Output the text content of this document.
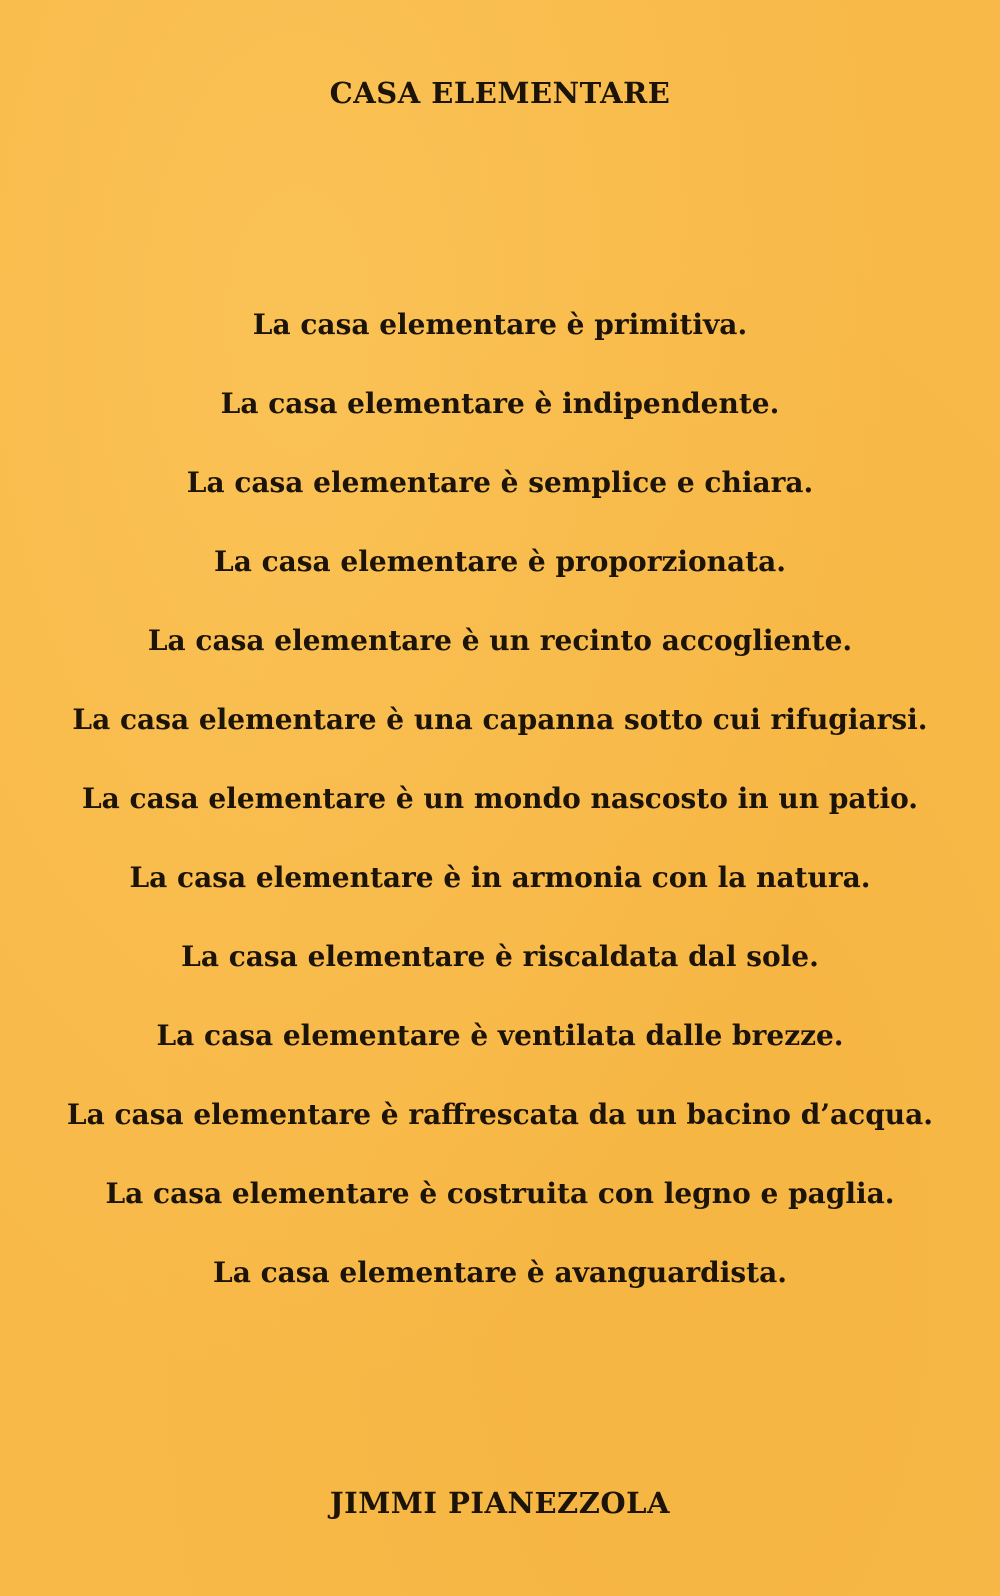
CASA ELEMENTARE
La casa elementare è primitiva.
La casa elementare è indipendente.
La casa elementare è semplice e chiara.
La casa elementare è proporzionata.
La casa elementare è un recinto accogliente.
La casa elementare è una capanna sotto cui rifugiarsi.
La casa elementare è un mondo nascosto in un patio.
La casa elementare è in armonia con la natura.
La casa elementare è riscaldata dal sole.
La casa elementare è ventilata dalle brezze.
La casa elementare è raffrescata da un bacino d’acqua.
La casa elementare è costruita con legno e paglia.
La casa elementare è avanguardista.
JIMMI PIANEZZOLA
